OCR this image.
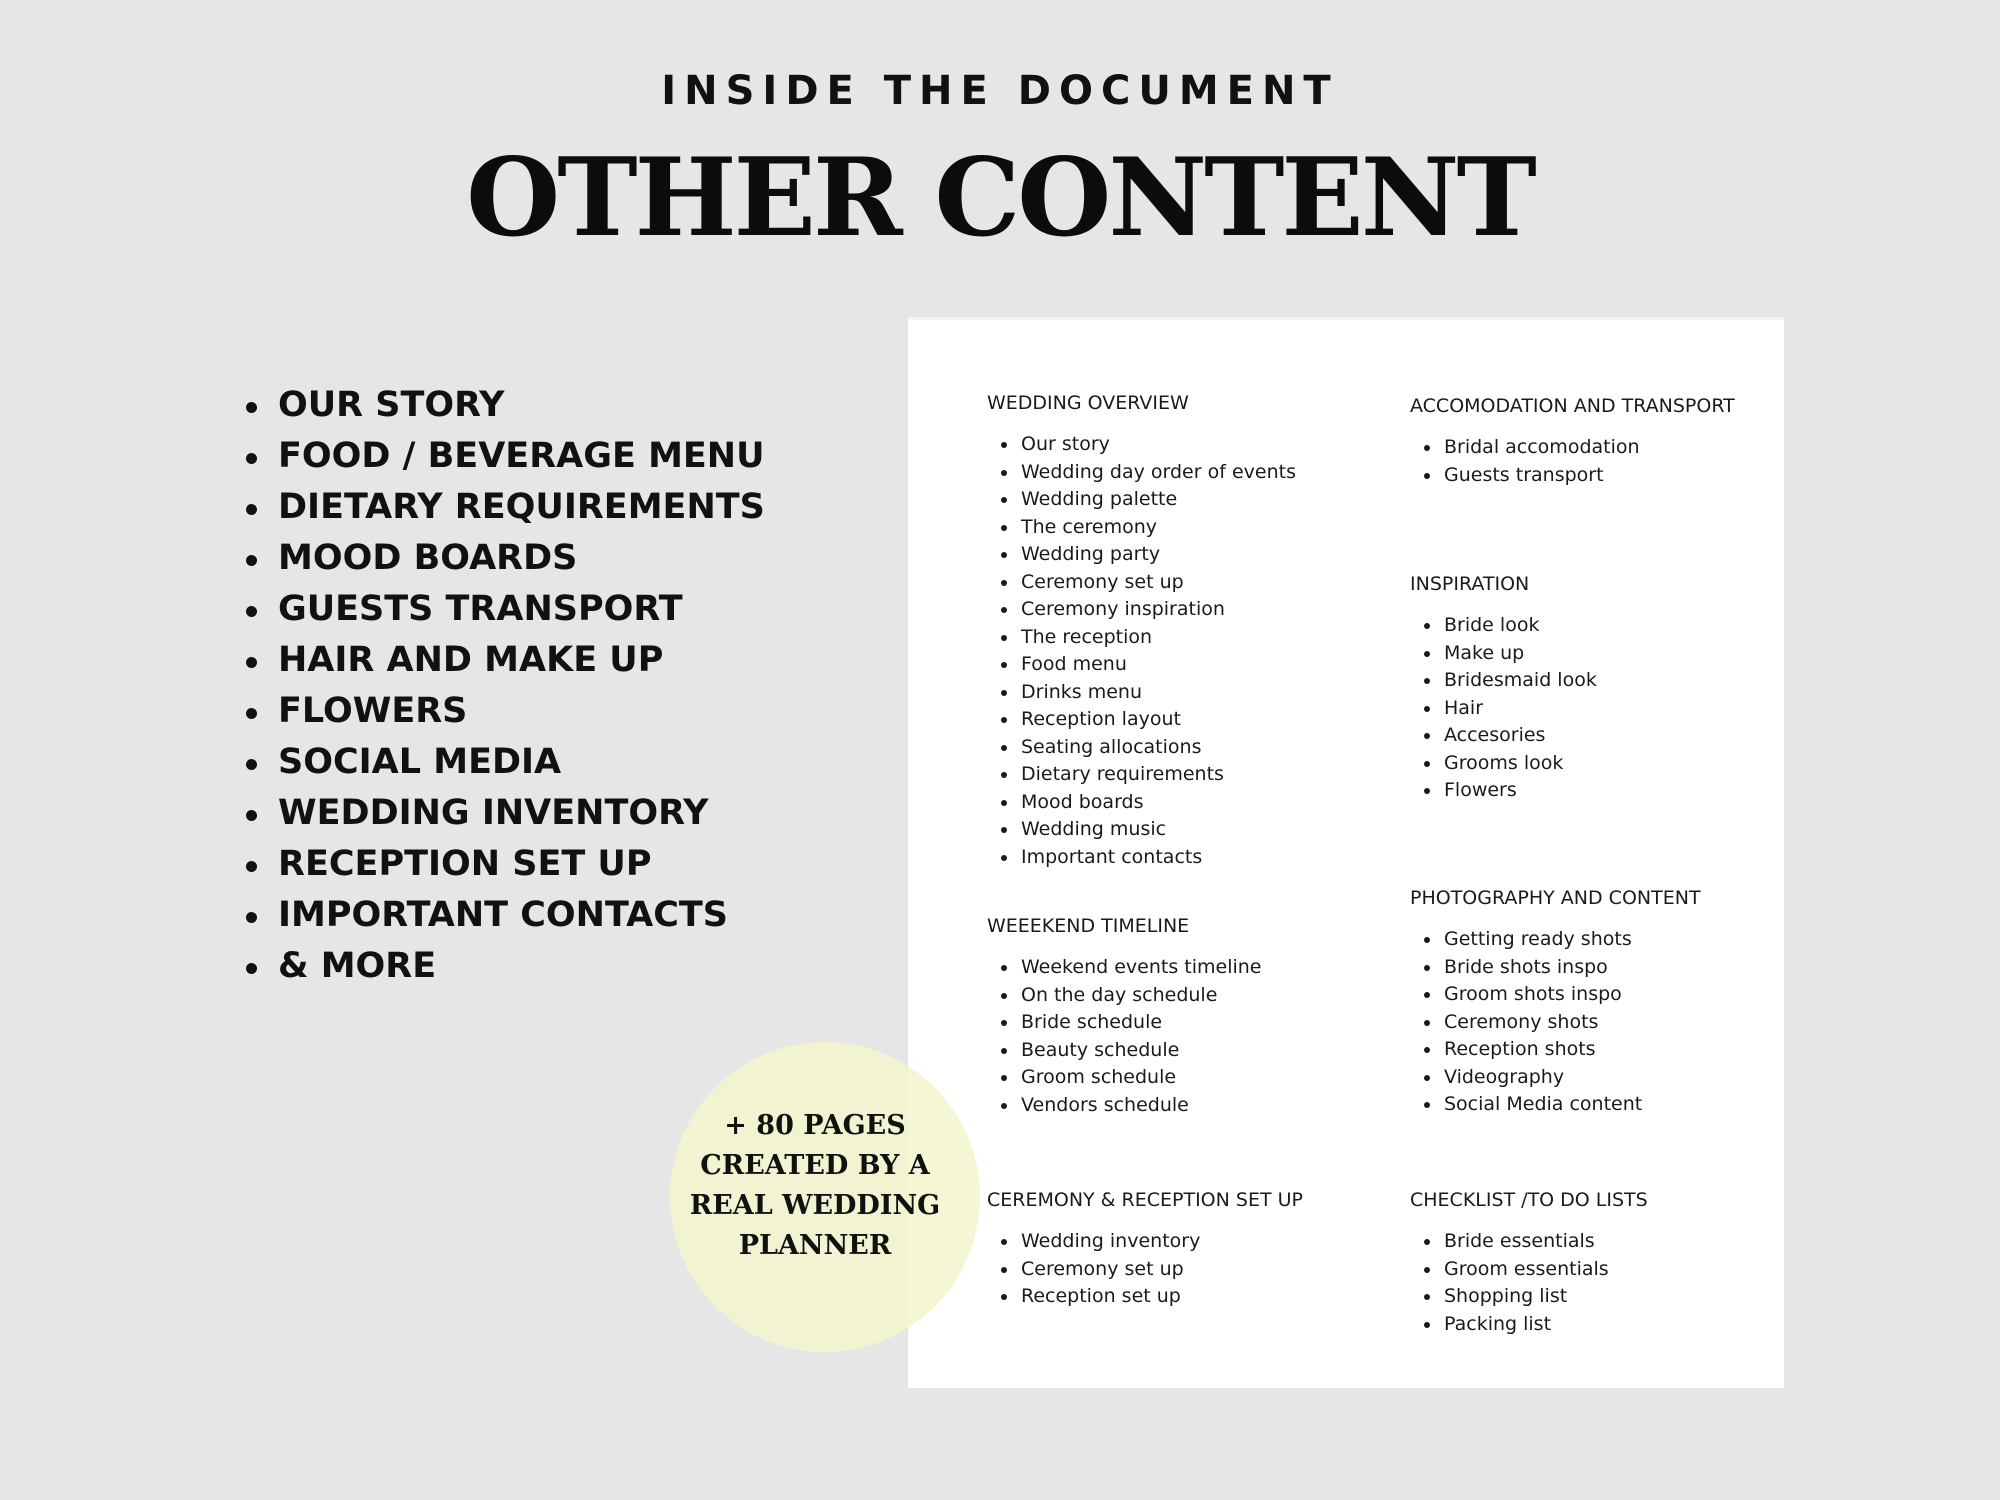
INSIDE THE DOCUMENT
OTHER CONTENT
OUR STORY
FOOD / BEVERAGE MENU
DIETARY REQUIREMENTS
MOOD BOARDS
GUESTS TRANSPORT
HAIR AND MAKE UP
FLOWERS
SOCIAL MEDIA
WEDDING INVENTORY
RECEPTION SET UP
IMPORTANT CONTACTS
& MORE
WEDDING OVERVIEW
Our story
Wedding day order of events
Wedding palette
The ceremony
Wedding party
Ceremony set up
Ceremony inspiration
The reception
Food menu
Drinks menu
Reception layout
Seating allocations
Dietary requirements
Mood boards
Wedding music
Important contacts
WEEEKEND TIMELINE
Weekend events timeline
On the day schedule
Bride schedule
Beauty schedule
Groom schedule
Vendors schedule
CEREMONY & RECEPTION SET UP
Wedding inventory
Ceremony set up
Reception set up
ACCOMODATION AND TRANSPORT
Bridal accomodation
Guests transport
INSPIRATION
Bride look
Make up
Bridesmaid look
Hair
Accesories
Grooms look
Flowers
PHOTOGRAPHY AND CONTENT
Getting ready shots
Bride shots inspo
Groom shots inspo
Ceremony shots
Reception shots
Videography
Social Media content
CHECKLIST /TO DO LISTS
Bride essentials
Groom essentials
Shopping list
Packing list
+ 80 PAGES
CREATED BY A
REAL WEDDING
PLANNER
